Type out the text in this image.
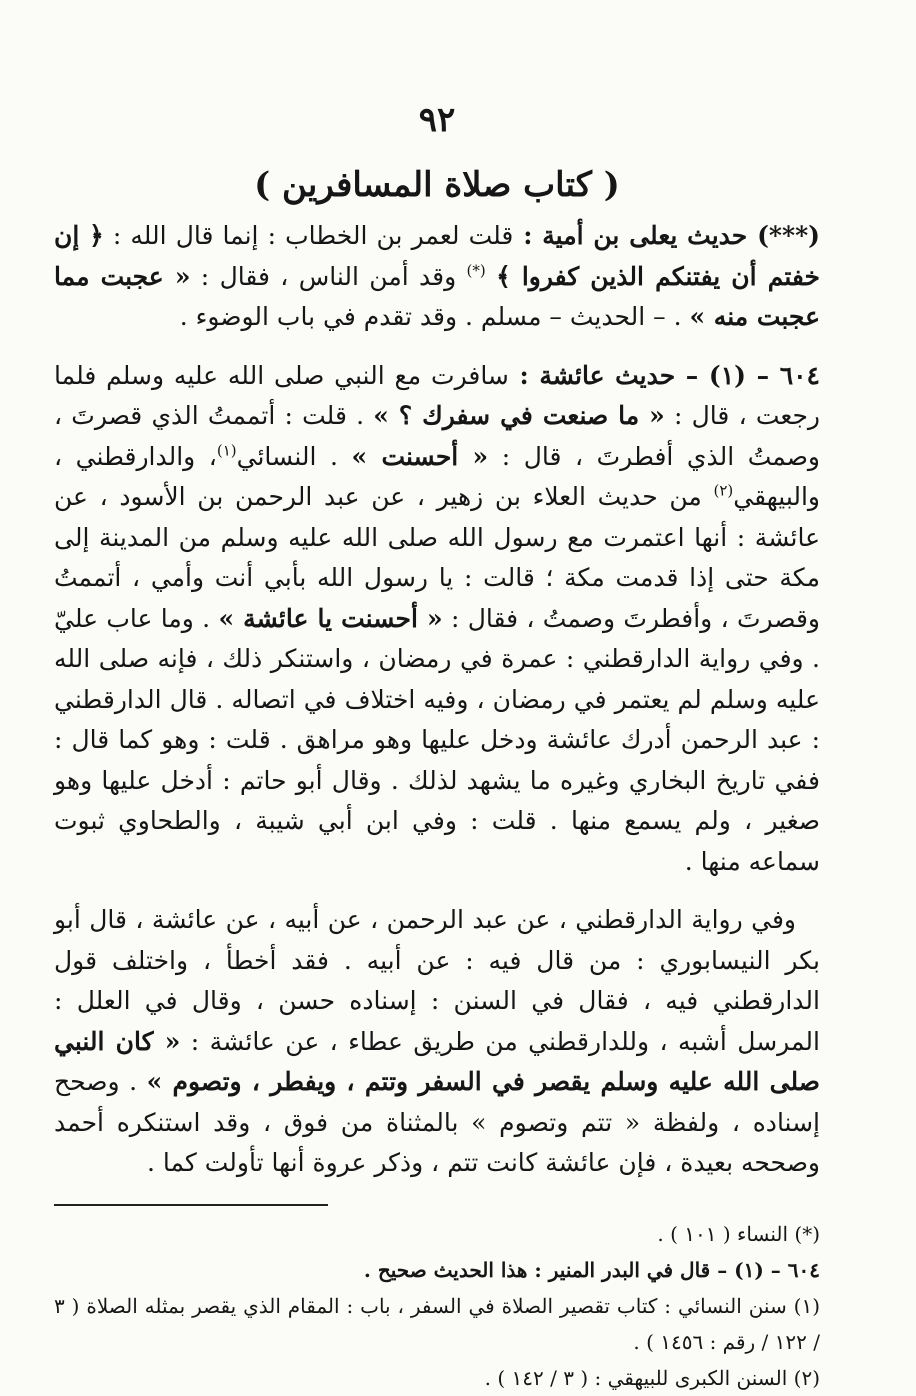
٩٢
( كتاب صلاة المسافرين )

(***) حديث يعلى بن أمية : قلت لعمر بن الخطاب : إنما قال الله : ﴿ إن خفتم أن يفتنكم الذين كفروا ﴾ (*) وقد أمن الناس ، فقال : « عجبت مما عجبت منه » . – الحديث – مسلم . وقد تقدم في باب الوضوء .

٦٠٤ – (١) – حديث عائشة : سافرت مع النبي صلى الله عليه وسلم فلما رجعت ، قال : « ما صنعت في سفرك ؟ » . قلت : أتممتُ الذي قصرتَ ، وصمتُ الذي أفطرتَ ، قال : « أحسنت » . النسائي$^{(١)}$، والدارقطني ، والبيهقي$^{(٢)}$ من حديث العلاء بن زهير ، عن عبد الرحمن بن الأسود ، عن عائشة : أنها اعتمرت مع رسول الله صلى الله عليه وسلم من المدينة إلى مكة حتى إذا قدمت مكة ؛ قالت : يا رسول الله بأبي أنت وأمي ، أتممتُ وقصرتَ ، وأفطرتَ وصمتُ ، فقال : « أحسنت يا عائشة » . وما عاب عليّ . وفي رواية الدارقطني : عمرة في رمضان ، واستنكر ذلك ، فإنه صلى الله عليه وسلم لم يعتمر في رمضان ، وفيه اختلاف في اتصاله . قال الدارقطني : عبد الرحمن أدرك عائشة ودخل عليها وهو مراهق . قلت : وهو كما قال : ففي تاريخ البخاري وغيره ما يشهد لذلك . وقال أبو حاتم : أدخل عليها وهو صغير ، ولم يسمع منها . قلت : وفي ابن أبي شيبة ، والطحاوي ثبوت سماعه منها .

وفي رواية الدارقطني ، عن عبد الرحمن ، عن أبيه ، عن عائشة ، قال أبو بكر النيسابوري : من قال فيه : عن أبيه . فقد أخطأ ، واختلف قول الدارقطني فيه ، فقال في السنن : إسناده حسن ، وقال في العلل : المرسل أشبه ، وللدارقطني من طريق عطاء ، عن عائشة : « كان النبي صلى الله عليه وسلم يقصر في السفر وتتم ، ويفطر ، وتصوم » . وصحح إسناده ، ولفظة « تتم وتصوم » بالمثناة من فوق ، وقد استنكره أحمد وصححه بعيدة ، فإن عائشة كانت تتم ، وذكر عروة أنها تأولت كما .

(*) النساء ( ١٠١ ) .

٦٠٤ – (١) – قال في البدر المنير : هذا الحديث صحيح .

(١) سنن النسائي : كتاب تقصير الصلاة في السفر ، باب : المقام الذي يقصر بمثله الصلاة ( ٣ / ١٢٢ / رقم : ١٤٥٦ ) .

(٢) السنن الكبرى للبيهقي : ( ٣ / ١٤٢ ) .
